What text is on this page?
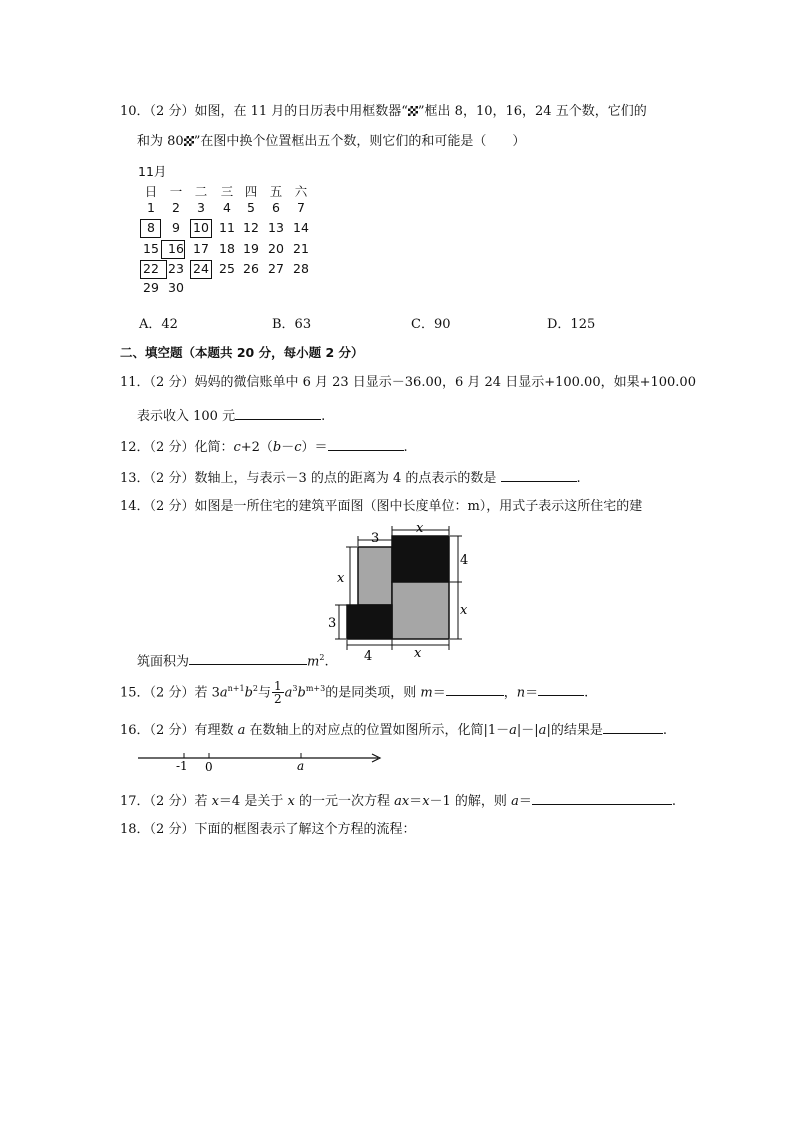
10．（2 分）如图，在 11 月的日历表中用框数器“ ”框出 8，10，16，24 五个数，它们的
和为 80 ”在图中换个位置框出五个数，则它们的和可能是（　　）
11月
日 一 二	三 四 五 六
1	2	3	4	5	6	7
8	9	10 11 12 13 14
15 16 17 18 19 20 21
22 23 24 25 26 27 28
29 30
A．42	B．63	C．90	D．125
二、填空题（本题共 20 分，每小题 2 分）
11．（2 分）妈妈的微信账单中 6 月 23 日显示－36.00，6 月 24 日显示+100.00，如果+100.00
表示收入 100 元	.
12．（2 分）化简：c+2（b－c）＝	.
13．（2 分）数轴上，与表示－3 的点的距离为 4 的点表示的数是	.
14．（2 分）如图是一所住宅的建筑平面图（图中长度单位：m），用式子表示这所住宅的建
3
x
4
x
x
3
4	x
筑面积为	$m^2$.
15．（2 分）若 $3a^{n+1}b^2$与 $\frac{1}{2} a^3b^{m+3}$的是同类项，则 m＝	，n＝	.
16．（2 分）有理数 a 在数轴上的对应点的位置如图所示，化简|1－a|－|a|的结果是	.
-1 0	a
17．（2 分）若 x＝4 是关于 x 的一元一次方程 ax＝x－1 的解，则 a＝	.
18．（2 分）下面的框图表示了解这个方程的流程：
